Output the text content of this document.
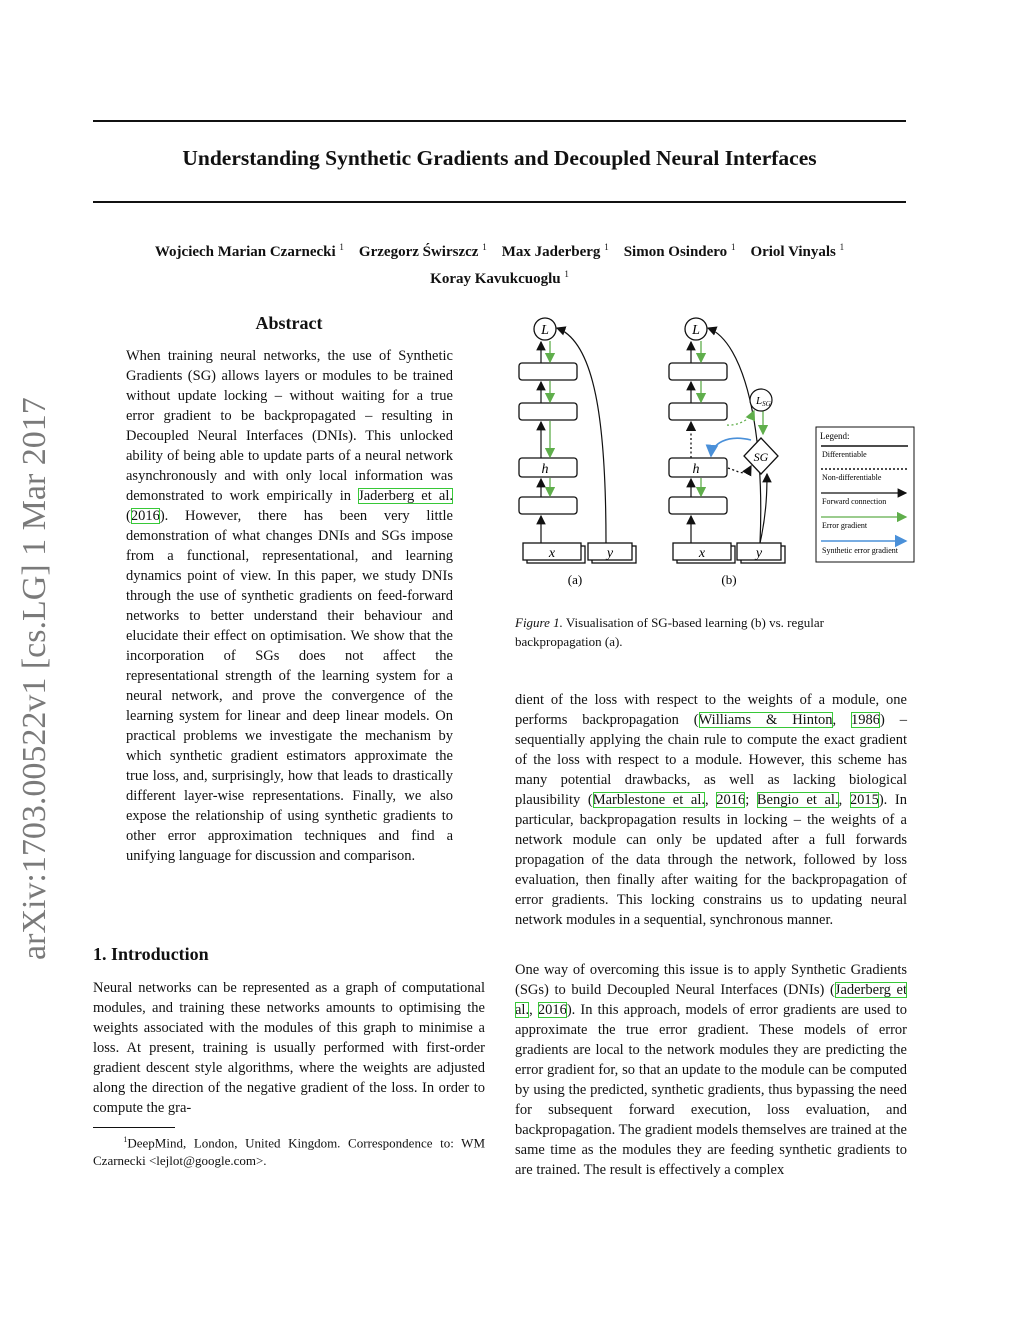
Understanding Synthetic Gradients and Decoupled Neural Interfaces
Wojciech Marian Czarnecki $^1$ Grzegorz Świrszcz $^1$ Max Jaderberg $^1$ Simon Osindero $^1$ Oriol Vinyals $^1$
Koray Kavukcuoglu $^1$
arXiv:1703.00522v1 [cs.LG] 1 Mar 2017
Abstract
When training neural networks, the use of Synthetic Gradients (SG) allows layers or modules to be trained without update locking – without waiting for a true error gradient to be backpropagated – resulting in Decoupled Neural Interfaces (DNIs). This unlocked ability of being able to update parts of a neural network asynchronously and with only local information was demonstrated to work empirically in Jaderberg et al. (2016). However, there has been very little demonstration of what changes DNIs and SGs impose from a functional, representational, and learning dynamics point of view. In this paper, we study DNIs through the use of synthetic gradients on feed-forward networks to better understand their behaviour and elucidate their effect on optimisation. We show that the incorporation of SGs does not affect the representational strength of the learning system for a neural network, and prove the convergence of the learning system for linear and deep linear models. On practical problems we investigate the mechanism by which synthetic gradient estimators approximate the true loss, and, surprisingly, how that leads to drastically different layer-wise representations. Finally, we also expose the relationship of using synthetic gradients to other error approximation techniques and find a unifying language for discussion and comparison.
1. Introduction
Neural networks can be represented as a graph of computational modules, and training these networks amounts to optimising the weights associated with the modules of this graph to minimise a loss. At present, training is usually performed with first-order gradient descent style algorithms, where the weights are adjusted along the direction of the negative gradient of the loss. In order to compute the gra-
$^1$DeepMind, London, United Kingdom. Correspondence to: WM Czarnecki <lejlot@google.com>.
L
h
x	y
(a)
L
h
LSG
SG
x	y
(b)
Legend:
Differentiable
Non-differentiable
Forward connection
Error gradient
Synthetic error gradient
Figure 1. Visualisation of SG-based learning (b) vs. regular backpropagation (a).
dient of the loss with respect to the weights of a module, one performs backpropagation (Williams & Hinton, 1986) – sequentially applying the chain rule to compute the exact gradient of the loss with respect to a module. However, this scheme has many potential drawbacks, as well as lacking biological plausibility (Marblestone et al., 2016; Bengio et al., 2015). In particular, backpropagation results in locking – the weights of a network module can only be updated after a full forwards propagation of the data through the network, followed by loss evaluation, then finally after waiting for the backpropagation of error gradients. This locking constrains us to updating neural network modules in a sequential, synchronous manner.
One way of overcoming this issue is to apply Synthetic Gradients (SGs) to build Decoupled Neural Interfaces (DNIs) (Jaderberg et al., 2016). In this approach, models of error gradients are used to approximate the true error gradient. These models of error gradients are local to the network modules they are predicting the error gradient for, so that an update to the module can be computed by using the predicted, synthetic gradients, thus bypassing the need for subsequent forward execution, loss evaluation, and backpropagation. The gradient models themselves are trained at the same time as the modules they are feeding synthetic gradients to are trained. The result is effectively a complex
